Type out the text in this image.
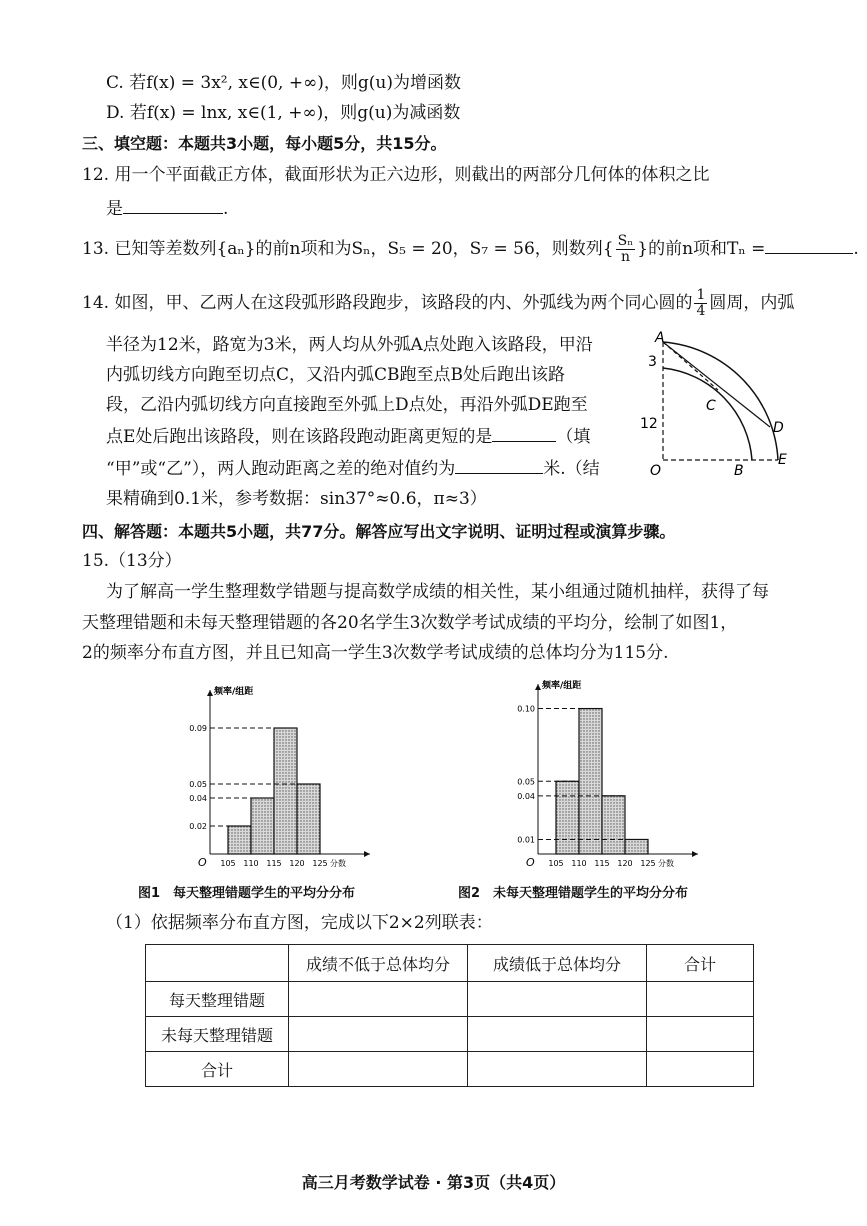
C. 若f(x) = 3x², x∈(0, +∞)，则g(u)为增函数
D. 若f(x) = lnx, x∈(1, +∞)，则g(u)为减函数
三、填空题：本题共3小题，每小题5分，共15分。
12. 用一个平面截正方体，截面形状为正六边形，则截出的两部分几何体的体积之比
是	.
13. 已知等差数列{aₙ}的前n项和为Sₙ，S₅ = 20，S₇ = 56，则数列{ $\frac{\text{Sₙ}}{n}$ }的前n项和Tₙ =	.
14. 如图，甲、乙两人在这段弧形路段跑步，该路段的内、外弧线为两个同心圆的 $\frac{1}{4}$ 圆周，内弧
半径为12米，路宽为3米，两人均从外弧A点处跑入该路段，甲沿
内弧切线方向跑至切点C，又沿内弧CB跑至点B处后跑出该路
段，乙沿内弧切线方向直接跑至外弧上D点处，再沿外弧DE跑至
点E处后跑出该路段，则在该路段跑动距离更短的是	（填
“甲”或“乙”），两人跑动距离之差的绝对值约为	米.（结
果精确到0.1米，参考数据：sin37°≈0.6，π≈3）
A
3
12
C
D
O	B
E
四、解答题：本题共5小题，共77分。解答应写出文字说明、证明过程或演算步骤。
15.（13分）
为了解高一学生整理数学错题与提高数学成绩的相关性，某小组通过随机抽样，获得了每
天整理错题和未每天整理错题的各20名学生3次数学考试成绩的平均分，绘制了如图1，
2的频率分布直方图，并且已知高一学生3次数学考试成绩的总体均分为115分.
0.02
0.04
0.05
0.09
频率/组距
O 105 110 115 120 125 分数
0.01
0.04
0.05
0.10
频率/组距
O 105 110 115 120 125 分数
图1　每天整理错题学生的平均分分布	图2　未每天整理错题学生的平均分分布
（1）依据频率分布直方图，完成以下2×2列联表：
	成绩不低于总体均分	成绩低于总体均分	合计
每天整理错题			
未每天整理错题			
合计			
高三月考数学试卷 · 第3页（共4页）
